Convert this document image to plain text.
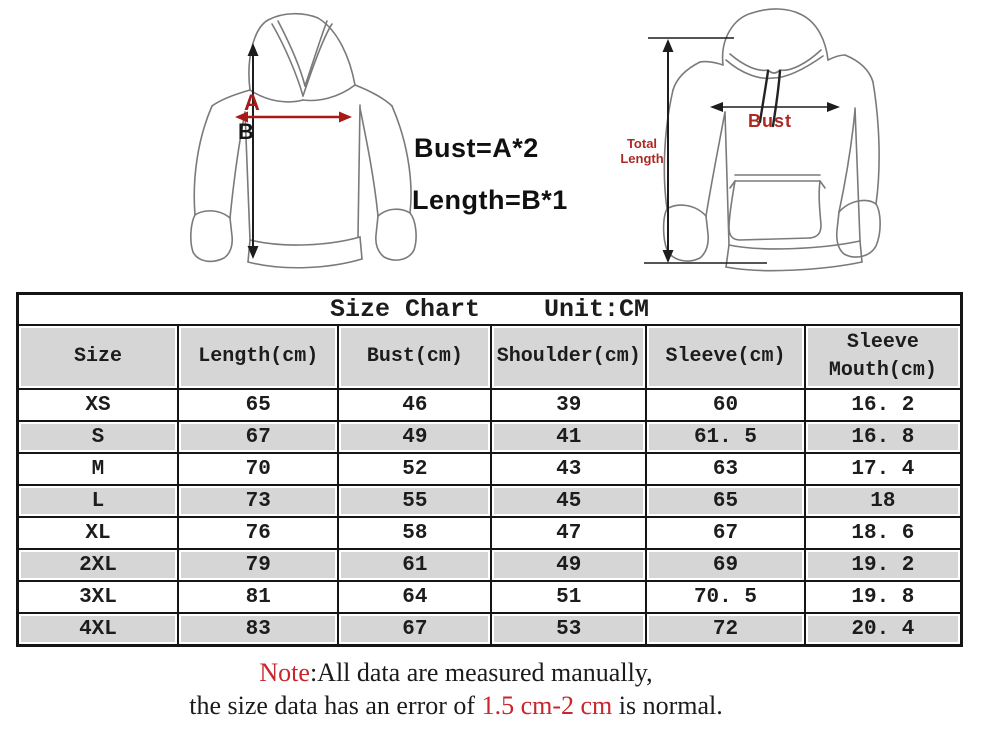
A
B
Bust=A*2
Length=B*1
Total Length
Bust
Size Chart Unit:CM					
Size	Length(cm)	Bust(cm)	Shoulder(cm)	Sleeve(cm)	Sleeve Mouth(cm)
XS	65	46	39	60	16. 2
S	67	49	41	61. 5	16. 8
M	70	52	43	63	17. 4
L	73	55	45	65	18
XL	76	58	47	67	18. 6
2XL	79	61	49	69	19. 2
3XL	81	64	51	70. 5	19. 8
4XL	83	67	53	72	20. 4
Note:All data are measured manually,
the size data has an error of 1.5 cm-2 cm is normal.
